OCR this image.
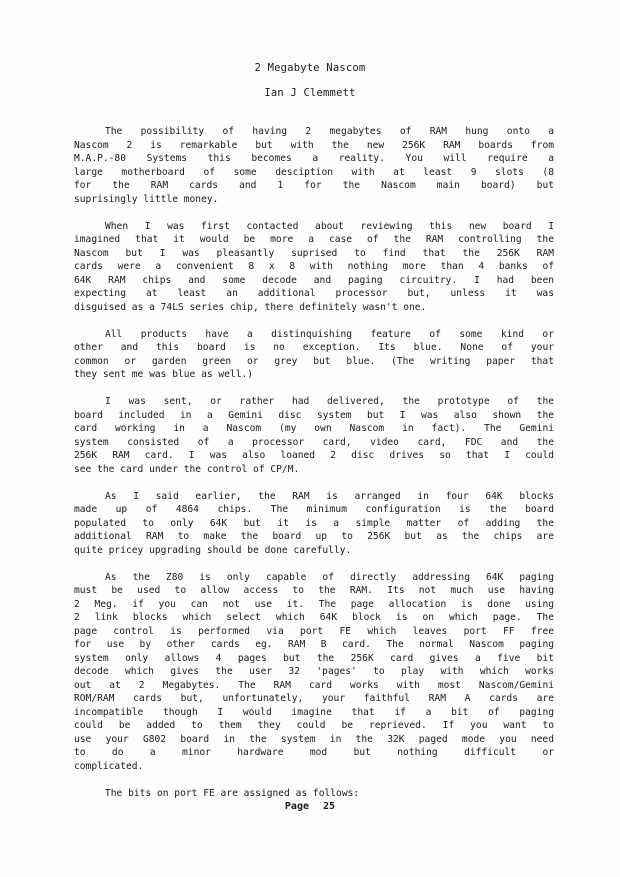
2 Megabyte Nascom
Ian J Clemmett
The possibility of having 2 megabytes of RAM hung onto a
Nascom 2 is remarkable but with the new 256K RAM boards from
M.A.P.-80 Systems this becomes a reality. You will require a
large motherboard of some desciption with at least 9 slots (8
for the RAM cards and 1 for the Nascom main board) but
suprisingly little money.
When I was first contacted about reviewing this new board I
imagined that it would be more a case of the RAM controlling the
Nascom but I was pleasantly suprised to find that the 256K RAM
cards were a convenient 8 x 8 with nothing more than 4 banks of
64K RAM chips and some decode and paging circuitry. I had been
expecting at least an additional processor but, unless it was
disguised as a 74LS series chip, there definitely wasn't one.
All products have a distinquishing feature of some kind or
other and this board is no exception. Its blue. None of your
common or garden green or grey but blue. (The writing paper that
they sent me was blue as well.)
I was sent, or rather had delivered, the prototype of the
board included in a Gemini disc system but I was also shown the
card working in a Nascom (my own Nascom in fact). The Gemini
system consisted of a processor card, video card, FDC and the
256K RAM card. I was also loaned 2 disc drives so that I could
see the card under the control of CP/M.
As I said earlier, the RAM is arranged in four 64K blocks
made up of 4864 chips. The minimum configuration is the board
populated to only 64K but it is a simple matter of adding the
additional RAM to make the board up to 256K but as the chips are
quite pricey upgrading should be done carefully.
As the Z80 is only capable of directly addressing 64K paging
must be used to allow access to the RAM. Its not much use having
2 Meg. if you can not use it. The page allocation is done using
2 link blocks which select which 64K block is on which page. The
page control is performed via port FE which leaves port FF free
for use by other cards eg. RAM B card. The normal Nascom paging
system only allows 4 pages but the 256K card gives a five bit
decode which gives the user 32 'pages' to play with which works
out at 2 Megabytes. The RAM card works with most Nascom/Gemini
ROM/RAM cards but, unfortunately, your faithful RAM A cards are
incompatible though I would imagine that if a bit of paging
could be added to them they could be reprieved. If you want to
use your G802 board in the system in the 32K paged mode you need
to do a minor hardware mod but nothing difficult or
complicated.
The bits on port FE are assigned as follows:
Page 25
